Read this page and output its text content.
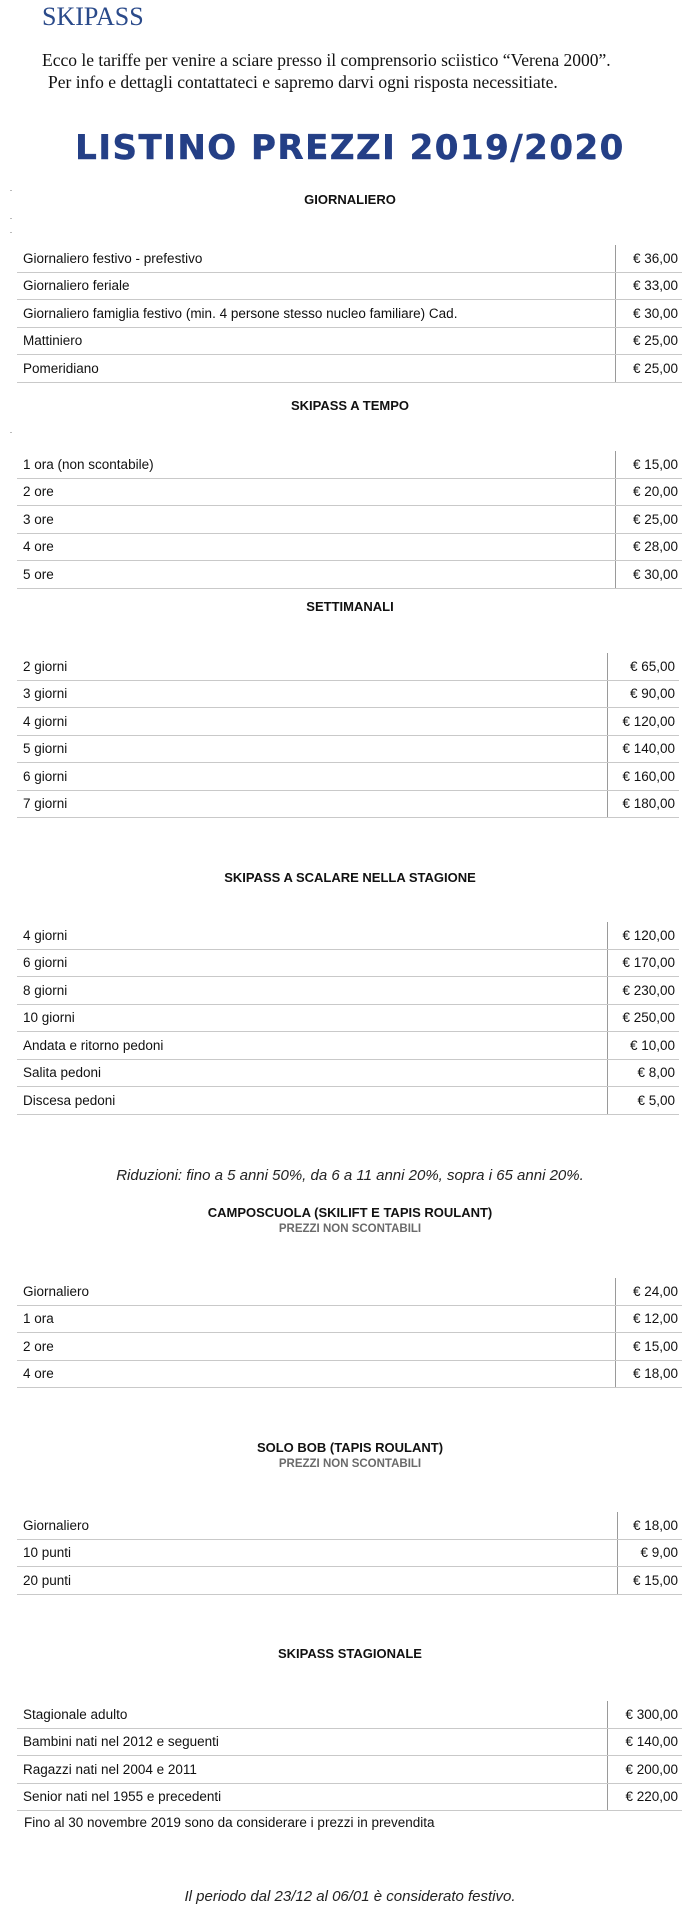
SKIPASS

Ecco le tariffe per venire a sciare presso il comprensorio sciistico “Verena 2000”.

Per info e dettagli contattateci e sapremo darvi ogni risposta necessitiate.

LISTINO PREZZI 2019/2020
GIORNALIERO
Giornaliero festivo - prefestivo	€ 36,00
Giornaliero feriale	€ 33,00
Giornaliero famiglia festivo (min. 4 persone stesso nucleo familiare) Cad.	€ 30,00
Mattiniero	€ 25,00
Pomeridiano	€ 25,00
SKIPASS A TEMPO
1 ora (non scontabile)	€ 15,00
2 ore	€ 20,00
3 ore	€ 25,00
4 ore	€ 28,00
5 ore	€ 30,00
SETTIMANALI
2 giorni	€ 65,00
3 giorni	€ 90,00
4 giorni	€ 120,00
5 giorni	€ 140,00
6 giorni	€ 160,00
7 giorni	€ 180,00
SKIPASS A SCALARE NELLA STAGIONE
4 giorni	€ 120,00
6 giorni	€ 170,00
8 giorni	€ 230,00
10 giorni	€ 250,00
Andata e ritorno pedoni	€ 10,00
Salita pedoni	€ 8,00
Discesa pedoni	€ 5,00
Riduzioni: fino a 5 anni 50%, da 6 a 11 anni 20%, sopra i 65 anni 20%.
CAMPOSCUOLA (SKILIFT E TAPIS ROULANT)
PREZZI NON SCONTABILI
Giornaliero	€ 24,00
1 ora	€ 12,00
2 ore	€ 15,00
4 ore	€ 18,00
SOLO BOB (TAPIS ROULANT)
PREZZI NON SCONTABILI
Giornaliero	€ 18,00
10 punti	€ 9,00
20 punti	€ 15,00
SKIPASS STAGIONALE
Stagionale adulto	€ 300,00
Bambini nati nel 2012 e seguenti	€ 140,00
Ragazzi nati nel 2004 e 2011	€ 200,00
Senior nati nel 1955 e precedenti	€ 220,00
Fino al 30 novembre 2019 sono da considerare i prezzi in prevendita
Il periodo dal 23/12 al 06/01 è considerato festivo.
